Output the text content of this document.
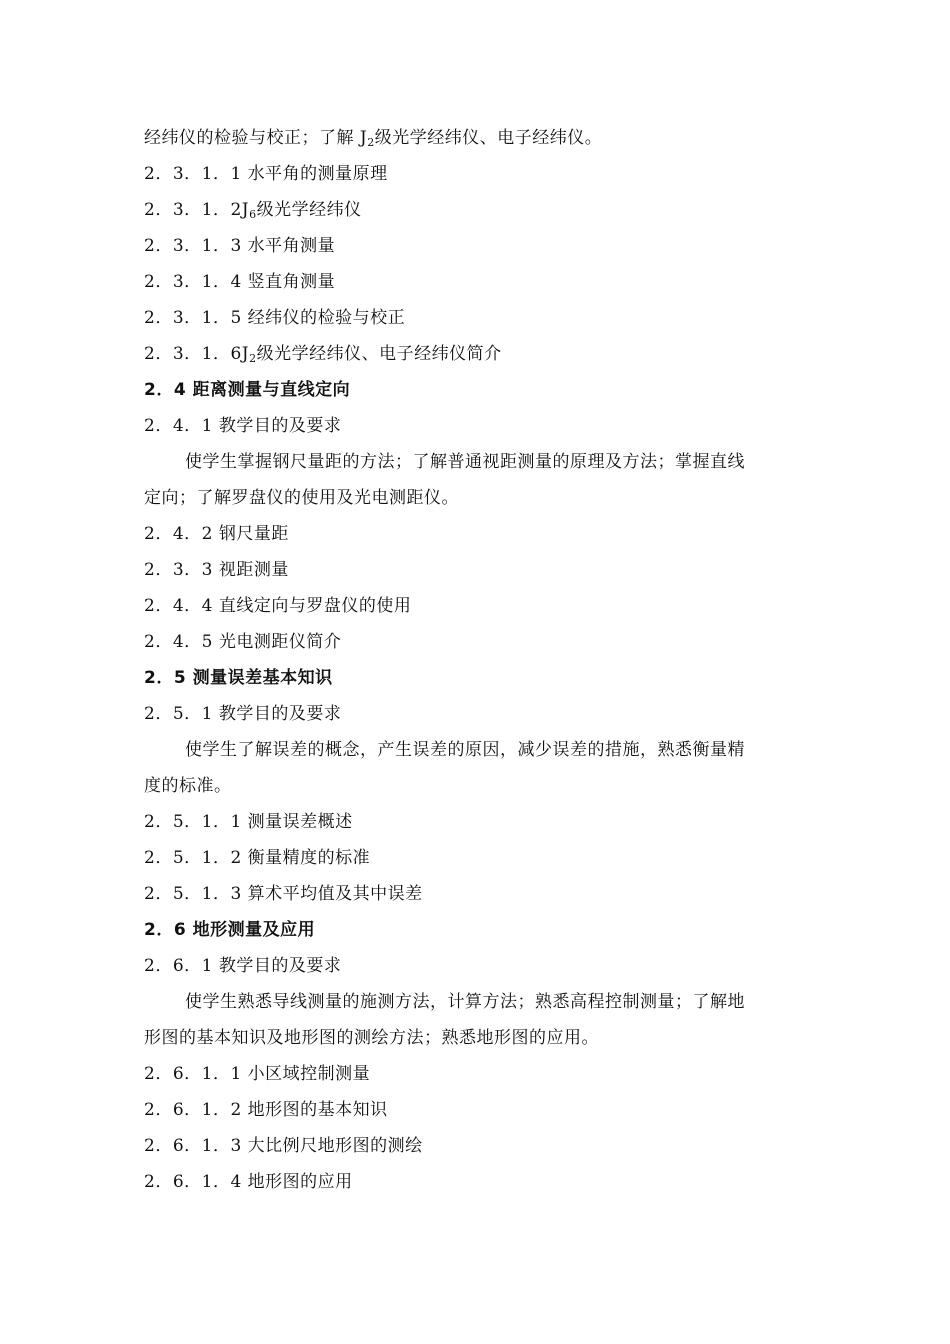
经纬仪的检验与校正；了解 $J_2$级光学经纬仪、电子经纬仪。
2．3．1．1 水平角的测量原理
2．3．1．$2J_6$级光学经纬仪
2．3．1．3 水平角测量
2．3．1．4 竖直角测量
2．3．1．5 经纬仪的检验与校正
2．3．1．$6J_2$级光学经纬仪、电子经纬仪简介
2．4 距离测量与直线定向
2．4．1 教学目的及要求
使学生掌握钢尺量距的方法；了解普通视距测量的原理及方法；掌握直线
定向；了解罗盘仪的使用及光电测距仪。
2．4．2 钢尺量距
2．3．3 视距测量
2．4．4 直线定向与罗盘仪的使用
2．4．5 光电测距仪简介
2．5 测量误差基本知识
2．5．1 教学目的及要求
使学生了解误差的概念，产生误差的原因，减少误差的措施，熟悉衡量精
度的标准。
2．5．1．1 测量误差概述
2．5．1．2 衡量精度的标准
2．5．1．3 算术平均值及其中误差
2．6 地形测量及应用
2．6．1 教学目的及要求
使学生熟悉导线测量的施测方法，计算方法；熟悉高程控制测量；了解地
形图的基本知识及地形图的测绘方法；熟悉地形图的应用。
2．6．1．1 小区域控制测量
2．6．1．2 地形图的基本知识
2．6．1．3 大比例尺地形图的测绘
2．6．1．4 地形图的应用
